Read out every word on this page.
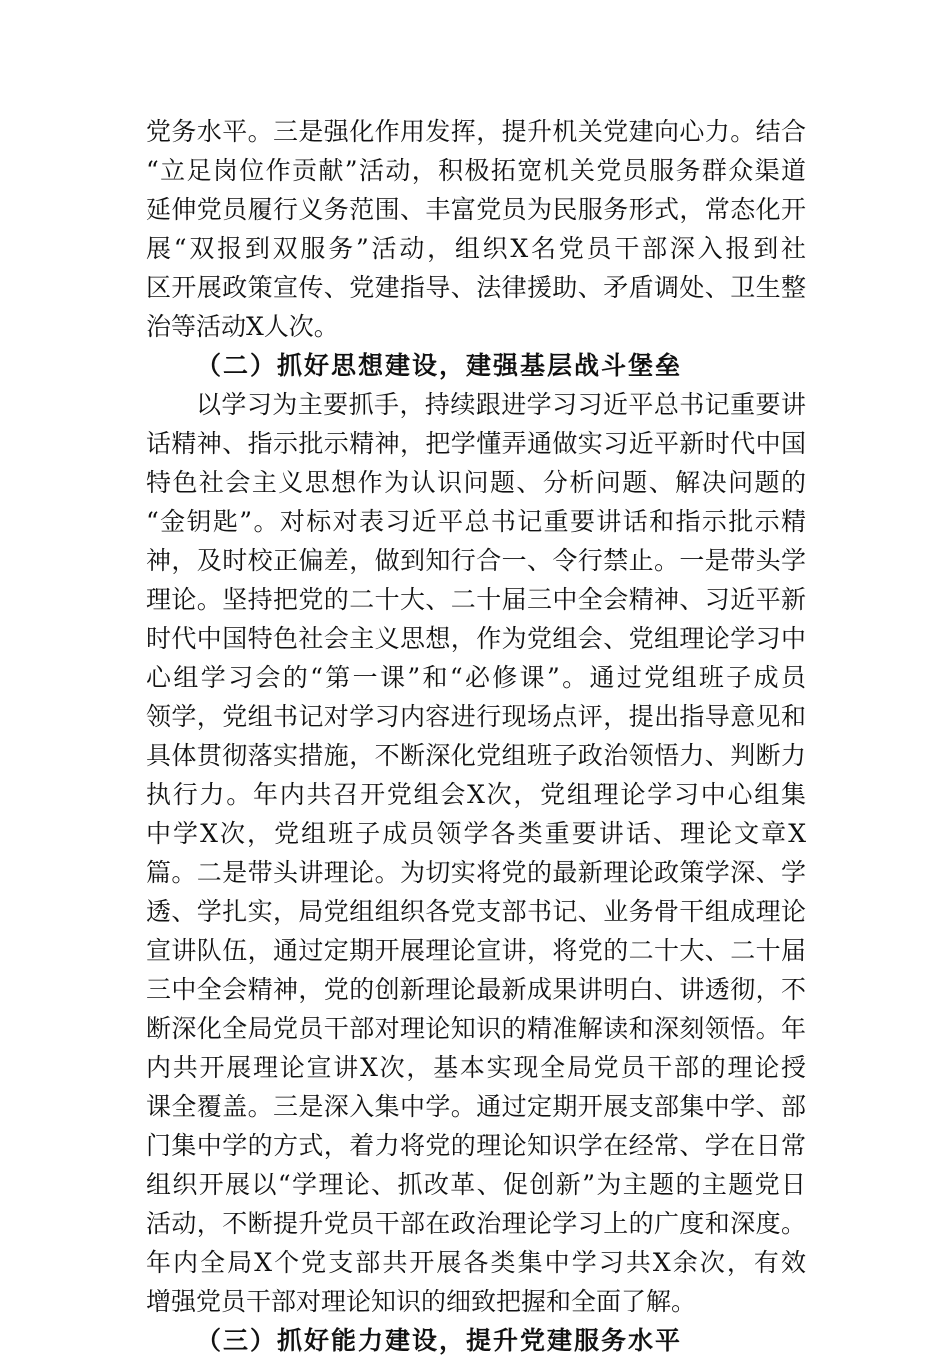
党务水平。三是强化作用发挥，提升机关党建向心力。结合
“立足岗位作贡献”活动，积极拓宽机关党员服务群众渠道
延伸党员履行义务范围、丰富党员为民服务形式，常态化开
展“双报到双服务”活动，组织X名党员干部深入报到社
区开展政策宣传、党建指导、法律援助、矛盾调处、卫生整
治等活动X人次。
（二）抓好思想建设，建强基层战斗堡垒
以学习为主要抓手，持续跟进学习习近平总书记重要讲
话精神、指示批示精神，把学懂弄通做实习近平新时代中国
特色社会主义思想作为认识问题、分析问题、解决问题的
“金钥匙”。对标对表习近平总书记重要讲话和指示批示精
神，及时校正偏差，做到知行合一、令行禁止。一是带头学
理论。坚持把党的二十大、二十届三中全会精神、习近平新
时代中国特色社会主义思想，作为党组会、党组理论学习中
心组学习会的“第一课”和“必修课”。通过党组班子成员
领学，党组书记对学习内容进行现场点评，提出指导意见和
具体贯彻落实措施，不断深化党组班子政治领悟力、判断力
执行力。年内共召开党组会X次，党组理论学习中心组集
中学X次，党组班子成员领学各类重要讲话、理论文章X
篇。二是带头讲理论。为切实将党的最新理论政策学深、学
透、学扎实，局党组组织各党支部书记、业务骨干组成理论
宣讲队伍，通过定期开展理论宣讲，将党的二十大、二十届
三中全会精神，党的创新理论最新成果讲明白、讲透彻，不
断深化全局党员干部对理论知识的精准解读和深刻领悟。年
内共开展理论宣讲X次，基本实现全局党员干部的理论授
课全覆盖。三是深入集中学。通过定期开展支部集中学、部
门集中学的方式，着力将党的理论知识学在经常、学在日常
组织开展以“学理论、抓改革、促创新”为主题的主题党日
活动，不断提升党员干部在政治理论学习上的广度和深度。
年内全局X个党支部共开展各类集中学习共X余次，有效
增强党员干部对理论知识的细致把握和全面了解。
（三）抓好能力建设，提升党建服务水平
